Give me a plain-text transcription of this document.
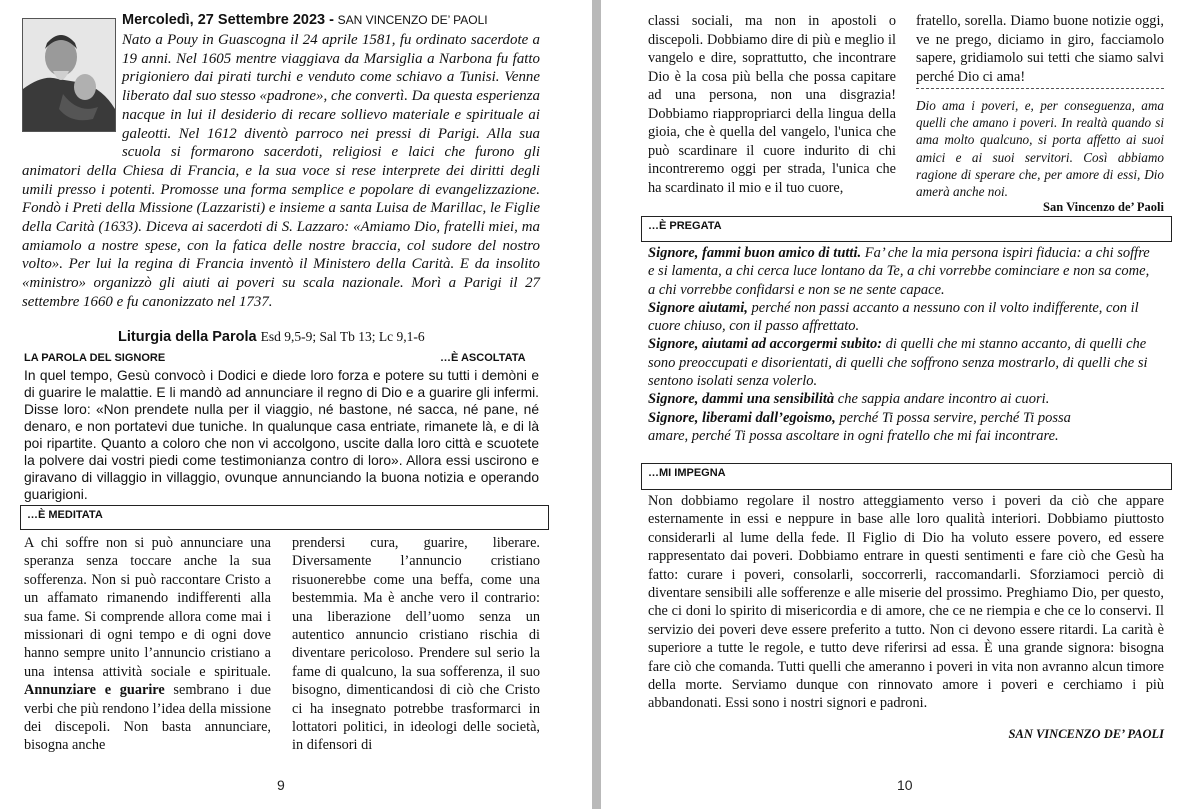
Mercoledì, 27 Settembre 2023 - SAN VINCENZO DE’ PAOLI
Nato a Pouy in Guascogna il 24 aprile 1581, fu ordinato sacerdote a 19 anni. Nel 1605 mentre viaggiava da Marsiglia a Narbona fu fatto prigioniero dai pirati turchi e venduto come schiavo a Tunisi. Venne liberato dal suo stesso «padrone», che convertì. Da questa esperienza nacque in lui il desiderio di recare sollievo materiale e spirituale ai galeotti. Nel 1612 diventò parroco nei pressi di Parigi. Alla sua scuola si formarono sacerdoti, religiosi e laici che furono gli animatori della Chiesa di Francia, e la sua voce si rese interprete dei diritti degli umili presso i potenti. Promosse una forma semplice e popolare di evangelizzazione. Fondò i Preti della Missione (Lazzaristi) e insieme a santa Luisa de Marillac, le Figlie della Carità (1633). Diceva ai sacerdoti di S. Lazzaro: «Amiamo Dio, fratelli miei, ma amiamolo a nostre spese, con la fatica delle nostre braccia, col sudore del nostro volto». Per lui la regina di Francia inventò il Ministero della Carità. E da insolito «ministro» organizzò gli aiuti ai poveri su scala nazionale. Morì a Parigi il 27 settembre 1660 e fu canonizzato nel 1737.
Liturgia della Parola Esd 9,5-9; Sal Tb 13; Lc 9,1-6
LA PAROLA DEL SIGNORE	…È ASCOLTATA
In quel tempo, Gesù convocò i Dodici e diede loro forza e potere su tutti i demòni e di guarire le malattie. E li mandò ad annunciare il regno di Dio e a guarire gli infermi. Disse loro: «Non prendete nulla per il viaggio, né bastone, né sacca, né pane, né denaro, e non portatevi due tuniche. In qualunque casa entriate, rimanete là, e di là poi ripartite. Quanto a coloro che non vi accolgono, uscite dalla loro città e scuotete la polvere dai vostri piedi come testimonianza contro di loro». Allora essi uscirono e giravano di villaggio in villaggio, ovunque annunciando la buona notizia e operando guarigioni.
…È MEDITATA
A chi soffre non si può annunciare una speranza senza toccare anche la sua sofferenza. Non si può raccontare Cristo a un affamato rimanendo indifferenti alla sua fame. Si comprende allora come mai i missionari di ogni tempo e di ogni dove hanno sempre unito l’annuncio cristiano a una intensa attività sociale e spirituale. Annunziare e guarire sembrano i due verbi che più rendono l’idea della missione dei discepoli. Non basta annunciare, bisogna anche
prendersi cura, guarire, liberare. Diversamente l’annuncio cristiano risuonerebbe come una beffa, come una bestemmia. Ma è anche vero il contrario: una liberazione dell’uomo senza un autentico annuncio cristiano rischia di diventare pericoloso. Prendere sul serio la fame di qualcuno, la sua sofferenza, il suo bisogno, dimenticandosi di ciò che Cristo ci ha insegnato potrebbe trasformarci in lottatori politici, in ideologi delle società, in difensori di
9
classi sociali, ma non in apostoli o discepoli. Dobbiamo dire di più e meglio il vangelo e dire, soprattutto, che incontrare Dio è la cosa più bella che possa capitare ad una persona, non una disgrazia! Dobbiamo riappropriarci della lingua della gioia, che è quella del vangelo, l'unica che può scardinare il cuore indurito di chi incontreremo oggi per strada, l'unica che ha scardinato il mio e il tuo cuore,
fratello, sorella. Diamo buone notizie oggi, ve ne prego, diciamo in giro, facciamolo sapere, gridiamolo sui tetti che siamo salvi perché Dio ci ama!
Dio ama i poveri, e, per conseguenza, ama quelli che amano i poveri. In realtà quando si ama molto qualcuno, si porta affetto ai suoi amici e ai suoi servitori. Così abbiamo ragione di sperare che, per amore di essi, Dio amerà anche noi.
San Vincenzo de’ Paoli
…È PREGATA

Signore, fammi buon amico di tutti. Fa’ che la mia persona ispiri fiducia: a chi soffre e si lamenta, a chi cerca luce lontano da Te, a chi vorrebbe cominciare e non sa come, a chi vorrebbe confidarsi e non se ne sente capace.

Signore aiutami, perché non passi accanto a nessuno con il volto indifferente, con il cuore chiuso, con il passo affrettato.

Signore, aiutami ad accorgermi subito: di quelli che mi stanno accanto, di quelli che sono preoccupati e disorientati, di quelli che soffrono senza mostrarlo, di quelli che si sentono isolati senza volerlo.

Signore, dammi una sensibilità che sappia andare incontro ai cuori.

Signore, liberami dall’egoismo, perché Ti possa servire, perché Ti possa amare, perché Ti possa ascoltare in ogni fratello che mi fai incontrare.

…MI IMPEGNA
Non dobbiamo regolare il nostro atteggiamento verso i poveri da ciò che appare esternamente in essi e neppure in base alle loro qualità interiori. Dobbiamo piuttosto considerarli al lume della fede. Il Figlio di Dio ha voluto essere povero, ed essere rappresentato dai poveri. Dobbiamo entrare in questi sentimenti e fare ciò che Gesù ha fatto: curare i poveri, consolarli, soccorrerli, raccomandarli. Sforziamoci perciò di diventare sensibili alle sofferenze e alle miserie del prossimo. Preghiamo Dio, per questo, che ci doni lo spirito di misericordia e di amore, che ce ne riempia e che ce lo conservi. Il servizio dei poveri deve essere preferito a tutto. Non ci devono essere ritardi. La carità è superiore a tutte le regole, e tutto deve riferirsi ad essa. È una grande signora: bisogna fare ciò che comanda. Tutti quelli che ameranno i poveri in vita non avranno alcun timore della morte. Serviamo dunque con rinnovato amore i poveri e cerchiamo i più abbandonati. Essi sono i nostri signori e padroni.
SAN VINCENZO DE’ PAOLI
10
